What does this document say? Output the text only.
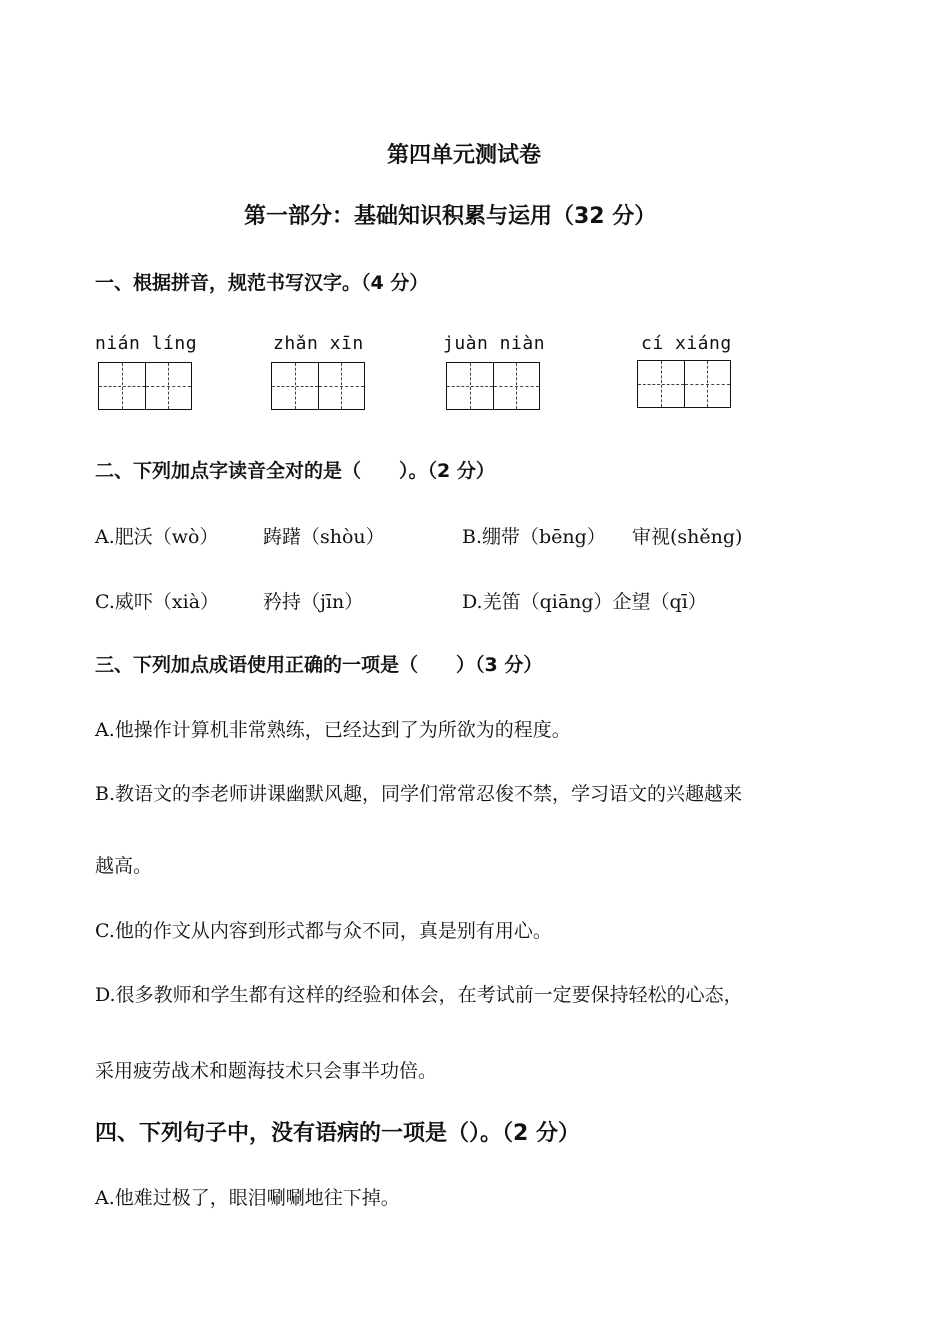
第四单元测试卷
第一部分：基础知识积累与运用（32 分）
一、根据拼音，规范书写汉字。（4 分）
nián líng	zhǎn xīn	juàn niàn	cí xiáng
二、下列加点字读音全对的是（　　）。（2 分）
A.肥沃（wò） 踌躇（shòu）	B.绷带（bēng） 审视(shěng)
C.威吓（xià） 矜持（jīn）	D.羌笛（qiāng）企望（qī）
三、下列加点成语使用正确的一项是（　　）（3 分）
A.他操作计算机非常熟练，已经达到了为所欲为的程度。
B.教语文的李老师讲课幽默风趣，同学们常常忍俊不禁，学习语文的兴趣越来
越高。
C.他的作文从内容到形式都与众不同，真是别有用心。
D.很多教师和学生都有这样的经验和体会，在考试前一定要保持轻松的心态，
采用疲劳战术和题海技术只会事半功倍。
四、下列句子中，没有语病的一项是（）。（2 分）
A.他难过极了，眼泪唰唰地往下掉。
